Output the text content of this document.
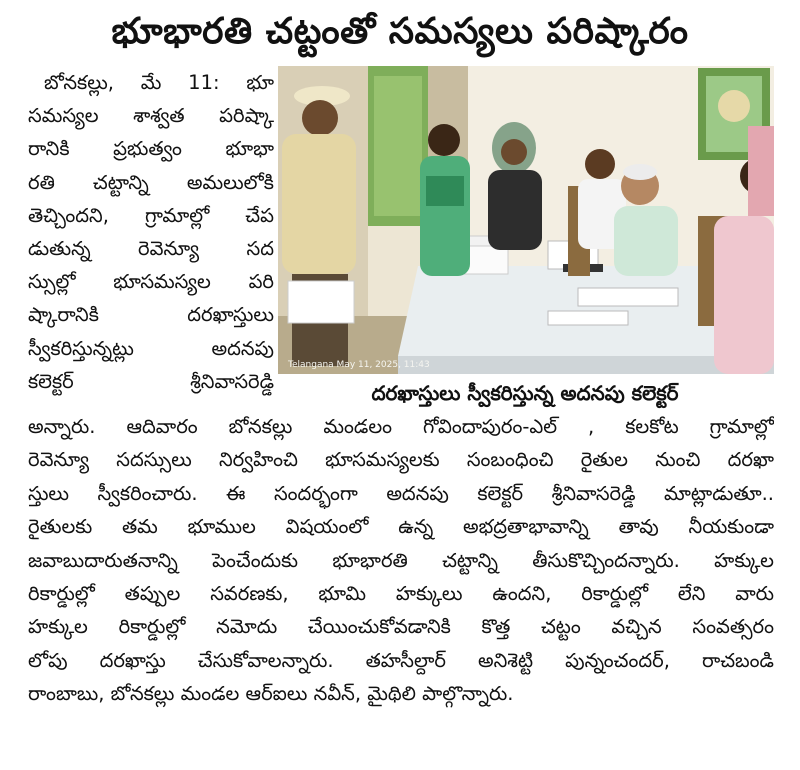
భూభారతి చట్టంతో సమస్యలు పరిష్కారం
బోనకల్లు, మే 11: భూ
సమస్యల శాశ్వత పరిష్కా
రానికి ప్రభుత్వం భూభా
రతి చట్టాన్ని అమలులోకి
తెచ్చిందని, గ్రామాల్లో చేప
డుతున్న రెవెన్యూ సద
స్సుల్లో భూసమస్యల పరి
ష్కారానికి దరఖాస్తులు
స్వీకరిస్తున్నట్లు అదనపు
కలెక్టర్ శ్రీనివాసరెడ్డి
Telangana May 11, 2025, 11:43
దరఖాస్తులు స్వీకరిస్తున్న అదనపు కలెక్టర్
అన్నారు. ఆదివారం బోనకల్లు మండలం గోవిందాపురం-ఎల్ , కలకోట గ్రామాల్లో
రెవెన్యూ సదస్సులు నిర్వహించి భూసమస్యలకు సంబంధించి రైతుల నుంచి దరఖా
స్తులు స్వీకరించారు. ఈ సందర్భంగా అదనపు కలెక్టర్ శ్రీనివాసరెడ్డి మాట్లాడుతూ..
రైతులకు తమ భూముల విషయంలో ఉన్న అభద్రతాభావాన్ని తావు నీయకుండా
జవాబుదారుతనాన్ని పెంచేందుకు భూభారతి చట్టాన్ని తీసుకొచ్చిందన్నారు. హక్కుల
రికార్డుల్లో తప్పుల సవరణకు, భూమి హక్కులు ఉందని, రికార్డుల్లో లేని వారు
హక్కుల రికార్డుల్లో నమోదు చేయించుకోవడానికి కొత్త చట్టం వచ్చిన సంవత్సరం
లోపు దరఖాస్తు చేసుకోవాలన్నారు. తహసీల్దార్ అనిశెట్టి పున్నంచందర్, రాచబండి
రాంబాబు, బోనకల్లు మండల ఆర్ఐలు నవీన్, మైథిలి పాల్గొన్నారు.
